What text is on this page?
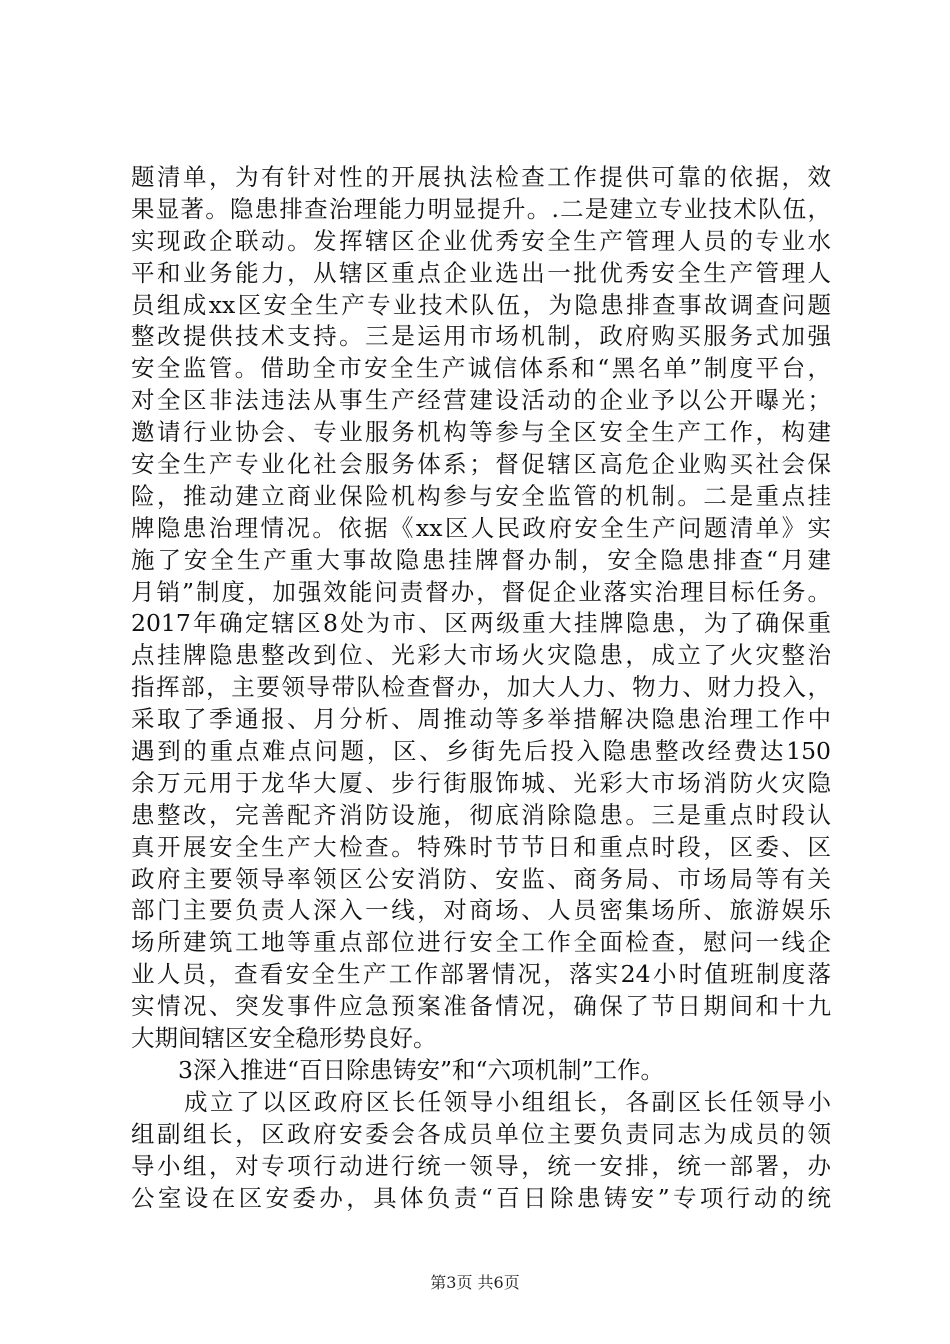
题清单，为有针对性的开展执法检查工作提供可靠的依据，效
果显著。隐患排查治理能力明显提升。.二是建立专业技术队伍，
实现政企联动。发挥辖区企业优秀安全生产管理人员的专业水
平和业务能力，从辖区重点企业选出一批优秀安全生产管理人
员组成xx区安全生产专业技术队伍，为隐患排查事故调查问题
整改提供技术支持。三是运用市场机制，政府购买服务式加强
安全监管。借助全市安全生产诚信体系和“黑名单”制度平台，
对全区非法违法从事生产经营建设活动的企业予以公开曝光；
邀请行业协会、专业服务机构等参与全区安全生产工作，构建
安全生产专业化社会服务体系；督促辖区高危企业购买社会保
险，推动建立商业保险机构参与安全监管的机制。二是重点挂
牌隐患治理情况。依据《xx区人民政府安全生产问题清单》实
施了安全生产重大事故隐患挂牌督办制，安全隐患排查“月建
月销”制度，加强效能问责督办，督促企业落实治理目标任务。
2017年确定辖区8处为市、区两级重大挂牌隐患，为了确保重
点挂牌隐患整改到位、光彩大市场火灾隐患，成立了火灾整治
指挥部，主要领导带队检查督办，加大人力、物力、财力投入，
采取了季通报、月分析、周推动等多举措解决隐患治理工作中
遇到的重点难点问题，区、乡街先后投入隐患整改经费达150
余万元用于龙华大厦、步行街服饰城、光彩大市场消防火灾隐
患整改，完善配齐消防设施，彻底消除隐患。三是重点时段认
真开展安全生产大检查。特殊时节节日和重点时段，区委、区
政府主要领导率领区公安消防、安监、商务局、市场局等有关
部门主要负责人深入一线，对商场、人员密集场所、旅游娱乐
场所建筑工地等重点部位进行安全工作全面检查，慰问一线企
业人员，查看安全生产工作部署情况，落实24小时值班制度落
实情况、突发事件应急预案准备情况，确保了节日期间和十九
大期间辖区安全稳形势良好。
3深入推进“百日除患铸安”和“六项机制”工作。
成立了以区政府区长任领导小组组长，各副区长任领导小
组副组长，区政府安委会各成员单位主要负责同志为成员的领
导小组，对专项行动进行统一领导，统一安排，统一部署，办
公室设在区安委办，具体负责“百日除患铸安”专项行动的统
第3页 共6页
